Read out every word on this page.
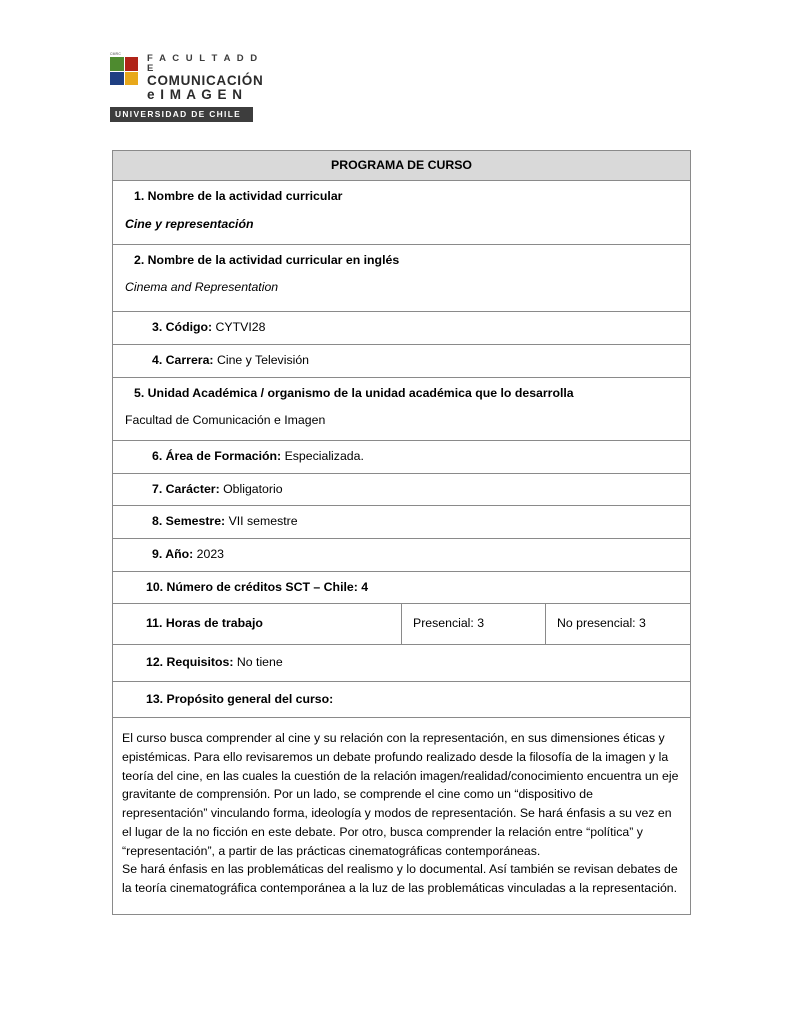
CMRC	F A C U L T A D D E
COMUNICACIÓN
e I M A G E N
UNIVERSIDAD DE CHILE
PROGRAMA DE CURSO

1. Nombre de la actividad curricular
Cine y representación

2. Nombre de la actividad curricular en inglés
Cinema and Representation

3. Código: CYTVI28
4. Carrera: Cine y Televisión

5. Unidad Académica / organismo de la unidad académica que lo desarrolla
Facultad de Comunicación e Imagen

6. Área de Formación: Especializada.
7. Carácter: Obligatorio
8. Semestre: VII semestre
9. Año: 2023
10. Número de créditos SCT – Chile: 4
11. Horas de trabajo	Presencial: 3	No presencial: 3
12. Requisitos: No tiene
13. Propósito general del curso:

El curso busca comprender al cine y su relación con la representación, en sus dimensiones éticas y epistémicas. Para ello revisaremos un debate profundo realizado desde la filosofía de la imagen y la teoría del cine, en las cuales la cuestión de la relación imagen/realidad/conocimiento encuentra un eje gravitante de comprensión. Por un lado, se comprende el cine como un “dispositivo de representación” vinculando forma, ideología y modos de representación. Se hará énfasis a su vez en el lugar de la no ficción en este debate. Por otro, busca comprender la relación entre “política” y “representación”, a partir de las prácticas cinematográficas contemporáneas.

Se hará énfasis en las problemáticas del realismo y lo documental. Así también se revisan debates de la teoría cinematográfica contemporánea a la luz de las problemáticas vinculadas a la representación.
